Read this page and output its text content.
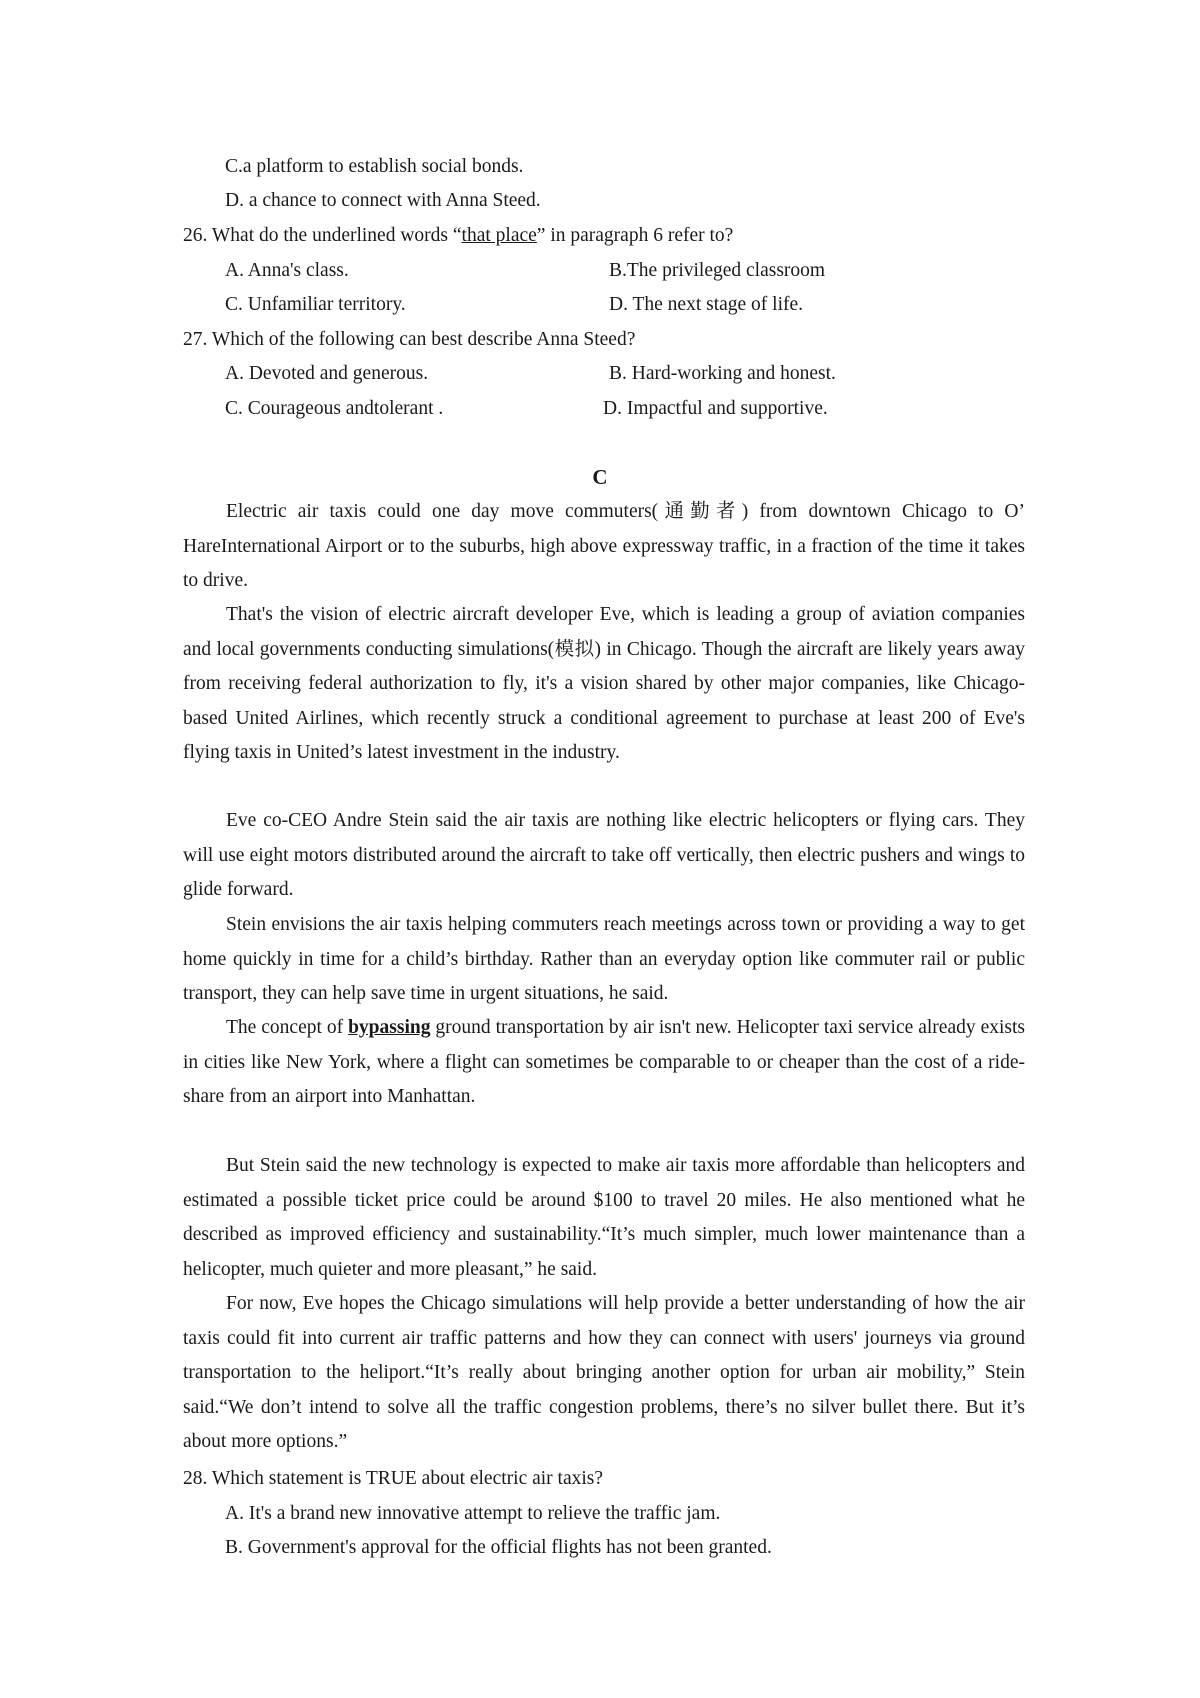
C.a platform to establish social bonds.
D. a chance to connect with Anna Steed.
26. What do the underlined words “that place” in paragraph 6 refer to?
A. Anna's class.	B.The privileged classroom
C. Unfamiliar territory.	D. The next stage of life.
27. Which of the following can best describe Anna Steed?
A. Devoted and generous.	B. Hard-working and honest.
C. Courageous andtolerant .	D. Impactful and supportive.
C
Electric air taxis could one day move commuters(通勤者) from downtown Chicago to O’ HareInternational Airport or to the suburbs, high above expressway traffic, in a fraction of the time it takes to drive.
That's the vision of electric aircraft developer Eve, which is leading a group of aviation companies and local governments conducting simulations(模拟) in Chicago. Though the aircraft are likely years away from receiving federal authorization to fly, it's a vision shared by other major companies, like Chicago-based United Airlines, which recently struck a conditional agreement to purchase at least 200 of Eve's flying taxis in United’s latest investment in the industry.
Eve co-CEO Andre Stein said the air taxis are nothing like electric helicopters or flying cars. They will use eight motors distributed around the aircraft to take off vertically, then electric pushers and wings to glide forward.
Stein envisions the air taxis helping commuters reach meetings across town or providing a way to get home quickly in time for a child’s birthday. Rather than an everyday option like commuter rail or public transport, they can help save time in urgent situations, he said.
The concept of bypassing ground transportation by air isn't new. Helicopter taxi service already exists in cities like New York, where a flight can sometimes be comparable to or cheaper than the cost of a ride-share from an airport into Manhattan.
But Stein said the new technology is expected to make air taxis more affordable than helicopters and estimated a possible ticket price could be around $100 to travel 20 miles. He also mentioned what he described as improved efficiency and sustainability.“It’s much simpler, much lower maintenance than a helicopter, much quieter and more pleasant,” he said.
For now, Eve hopes the Chicago simulations will help provide a better understanding of how the air taxis could fit into current air traffic patterns and how they can connect with users' journeys via ground transportation to the heliport.“It’s really about bringing another option for urban air mobility,” Stein said.“We don’t intend to solve all the traffic congestion problems, there’s no silver bullet there. But it’s about more options.”
28. Which statement is TRUE about electric air taxis?
A. It's a brand new innovative attempt to relieve the traffic jam.
B. Government's approval for the official flights has not been granted.
